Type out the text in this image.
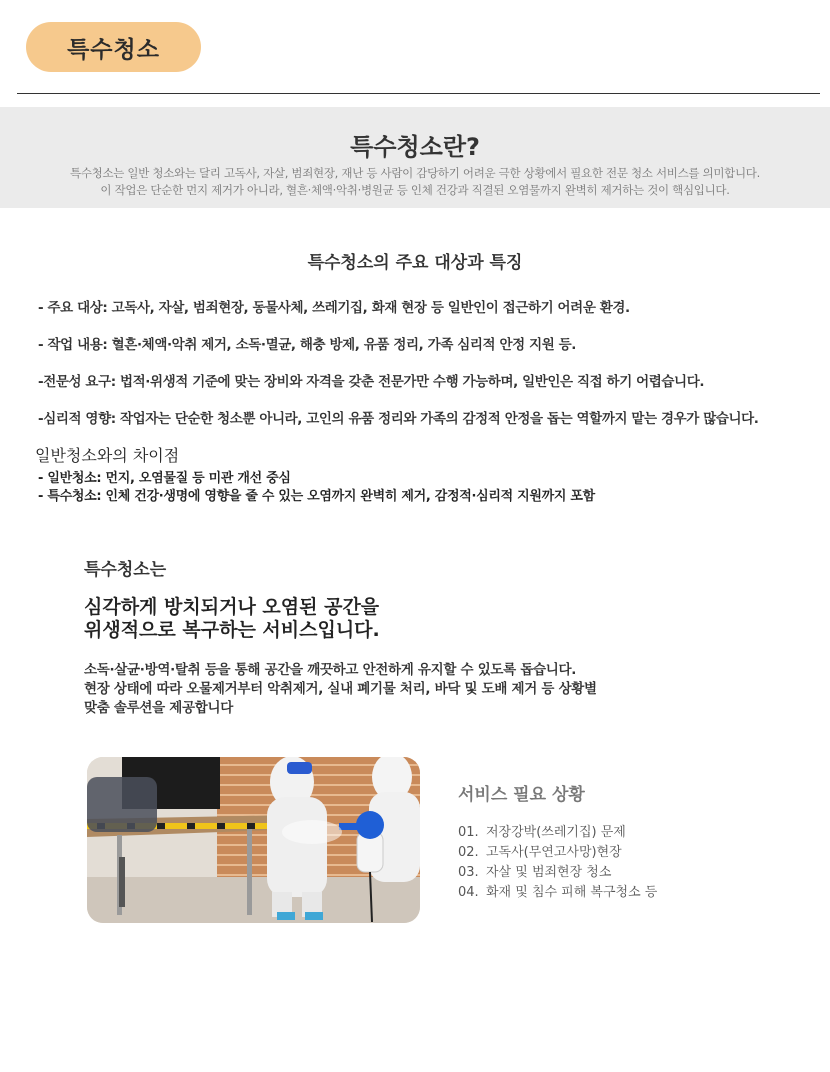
특수청소
특수청소란?
특수청소는 일반 청소와는 달리 고독사, 자살, 범죄현장, 재난 등 사람이 감당하기 어려운 극한 상황에서 필요한 전문 청소 서비스를 의미합니다.
이 작업은 단순한 먼지 제거가 아니라, 혈흔·체액·악취·병원균 등 인체 건강과 직결된 오염물까지 완벽히 제거하는 것이 핵심입니다.
특수청소의 주요 대상과 특징
- 주요 대상: 고독사, 자살, 범죄현장, 동물사체, 쓰레기집, 화재 현장 등 일반인이 접근하기 어려운 환경.
- 작업 내용: 혈흔·체액·악취 제거, 소독·멸균, 해충 방제, 유품 정리, 가족 심리적 안정 지원 등.
-전문성 요구: 법적·위생적 기준에 맞는 장비와 자격을 갖춘 전문가만 수행 가능하며, 일반인은 직접 하기 어렵습니다.
-심리적 영향: 작업자는 단순한 청소뿐 아니라, 고인의 유품 정리와 가족의 감정적 안정을 돕는 역할까지 맡는 경우가 많습니다.
일반청소와의 차이점
- 일반청소: 먼지, 오염물질 등 미관 개선 중심
- 특수청소: 인체 건강·생명에 영향을 줄 수 있는 오염까지 완벽히 제거, 감정적·심리적 지원까지 포함
특수청소는
심각하게 방치되거나 오염된 공간을
위생적으로 복구하는 서비스입니다.
소독·살균·방역·탈취 등을 통해 공간을 깨끗하고 안전하게 유지할 수 있도록 돕습니다.
현장 상태에 따라 오물제거부터 악취제거, 실내 폐기물 처리, 바닥 및 도배 제거 등 상황별
맞춤 솔루션을 제공합니다
서비스 필요 상황
01. 저장강박(쓰레기집) 문제
02. 고독사(무연고사망)현장
03. 자살 및 범죄현장 청소
04. 화재 및 침수 피해 복구청소 등
